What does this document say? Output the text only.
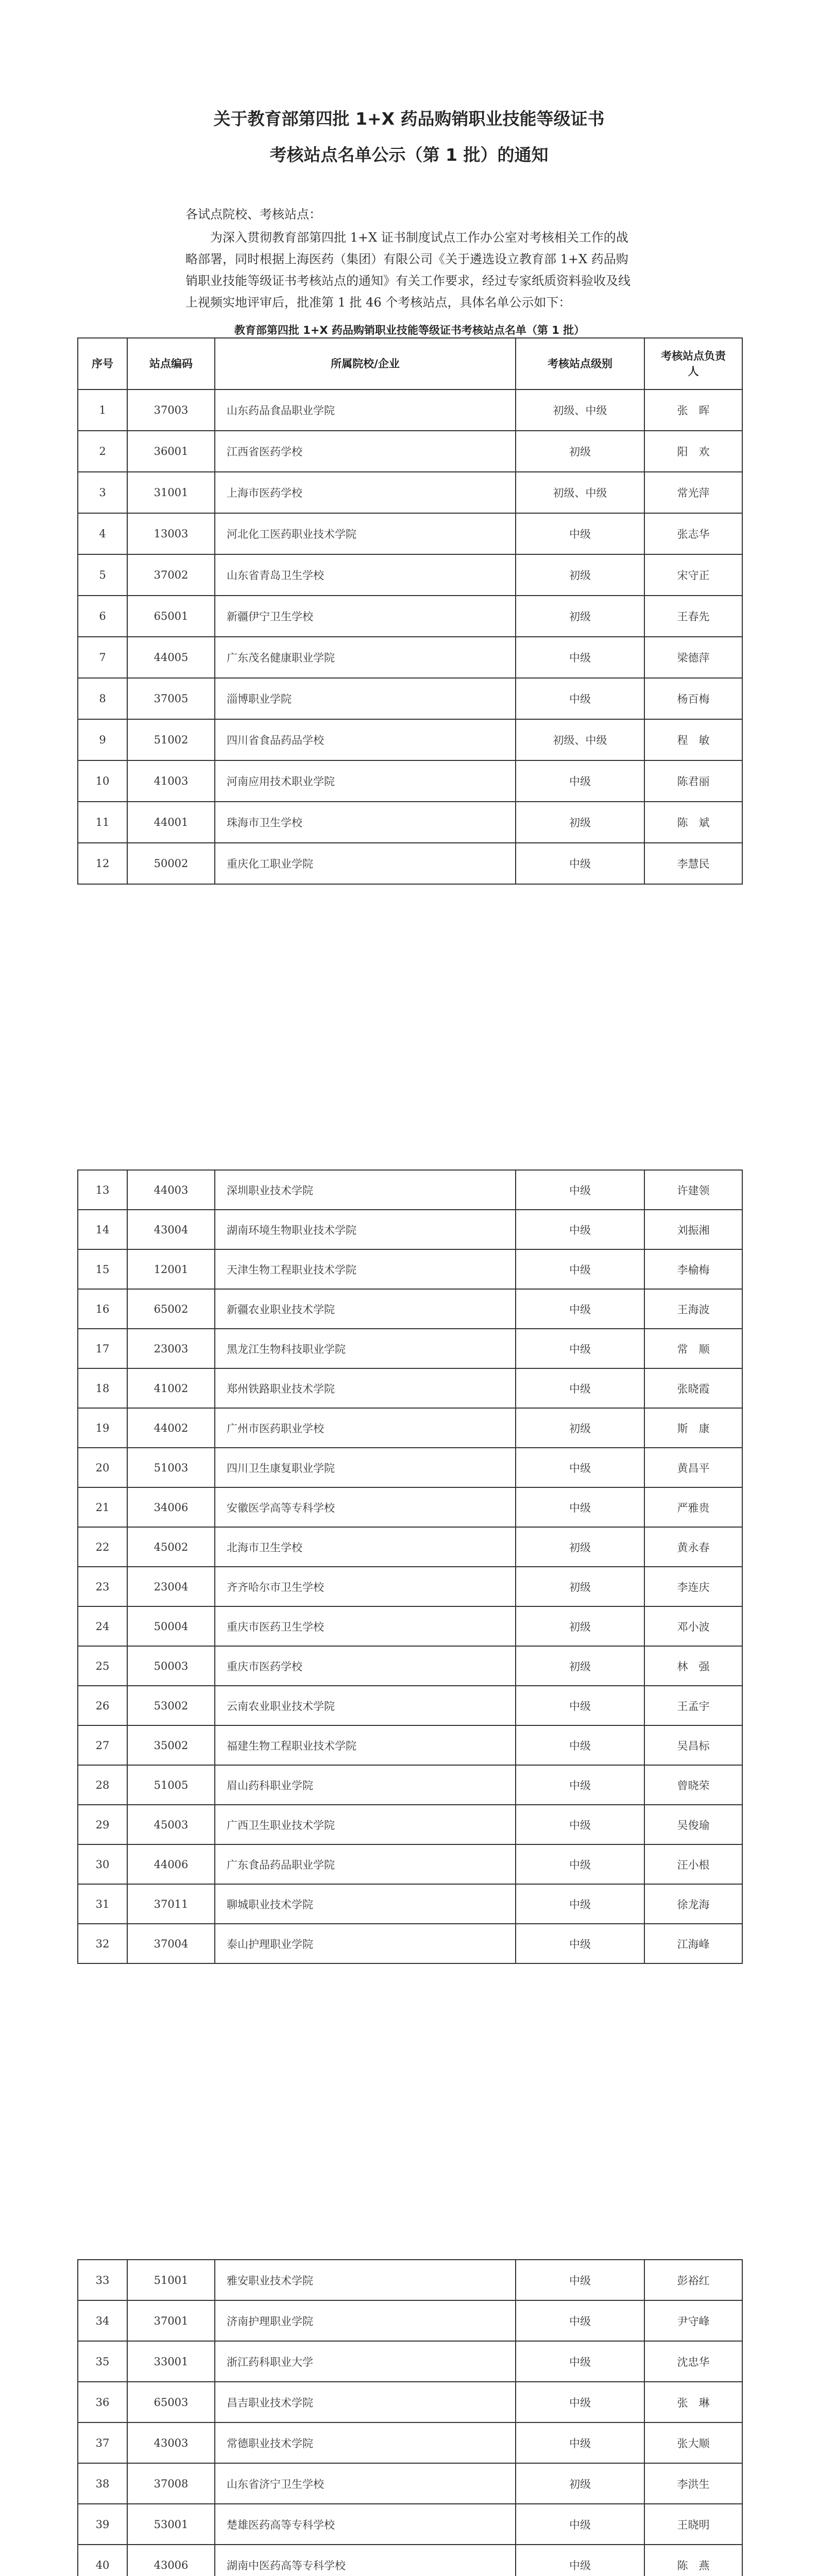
关于教育部第四批 1+X 药品购销职业技能等级证书
考核站点名单公示（第 1 批）的通知
各试点院校、考核站点：
为深入贯彻教育部第四批 1+X 证书制度试点工作办公室对考核相关工作的战略部署，同时根据上海医药（集团）有限公司《关于遴选设立教育部 1+X 药品购销职业技能等级证书考核站点的通知》有关工作要求，经过专家纸质资料验收及线上视频实地评审后，批准第 1 批 46 个考核站点，具体名单公示如下：
教育部第四批 1+X 药品购销职业技能等级证书考核站点名单（第 1 批）
序号	站点编码	所属院校/企业	考核站点级别	考核站点负责人
1	37003	山东药品食品职业学院	初级、中级	张　晖
2	36001	江西省医药学校	初级	阳　欢
3	31001	上海市医药学校	初级、中级	常光萍
4	13003	河北化工医药职业技术学院	中级	张志华
5	37002	山东省青岛卫生学校	初级	宋守正
6	65001	新疆伊宁卫生学校	初级	王春先
7	44005	广东茂名健康职业学院	中级	梁德萍
8	37005	淄博职业学院	中级	杨百梅
9	51002	四川省食品药品学校	初级、中级	程　敏
10	41003	河南应用技术职业学院	中级	陈君丽
11	44001	珠海市卫生学校	初级	陈　斌
12	50002	重庆化工职业学院	中级	李慧民
13	44003	深圳职业技术学院	中级	许建领
14	43004	湖南环境生物职业技术学院	中级	刘振湘
15	12001	天津生物工程职业技术学院	中级	李榆梅
16	65002	新疆农业职业技术学院	中级	王海波
17	23003	黑龙江生物科技职业学院	中级	常　顺
18	41002	郑州铁路职业技术学院	中级	张晓霞
19	44002	广州市医药职业学校	初级	斯　康
20	51003	四川卫生康复职业学院	中级	黄昌平
21	34006	安徽医学高等专科学校	中级	严雅贵
22	45002	北海市卫生学校	初级	黄永春
23	23004	齐齐哈尔市卫生学校	初级	李连庆
24	50004	重庆市医药卫生学校	初级	邓小波
25	50003	重庆市医药学校	初级	林　强
26	53002	云南农业职业技术学院	中级	王孟宇
27	35002	福建生物工程职业技术学院	中级	吴昌标
28	51005	眉山药科职业学院	中级	曾晓荣
29	45003	广西卫生职业技术学院	中级	吴俊瑜
30	44006	广东食品药品职业学院	中级	汪小根
31	37011	聊城职业技术学院	中级	徐龙海
32	37004	泰山护理职业学院	中级	江海峰
33	51001	雅安职业技术学院	中级	彭裕红
34	37001	济南护理职业学院	中级	尹守峰
35	33001	浙江药科职业大学	中级	沈忠华
36	65003	昌吉职业技术学院	中级	张　琳
37	43003	常德职业技术学院	中级	张大顺
38	37008	山东省济宁卫生学校	初级	李洪生
39	53001	楚雄医药高等专科学校	中级	王晓明
40	43006	湖南中医药高等专科学校	中级	陈　燕
